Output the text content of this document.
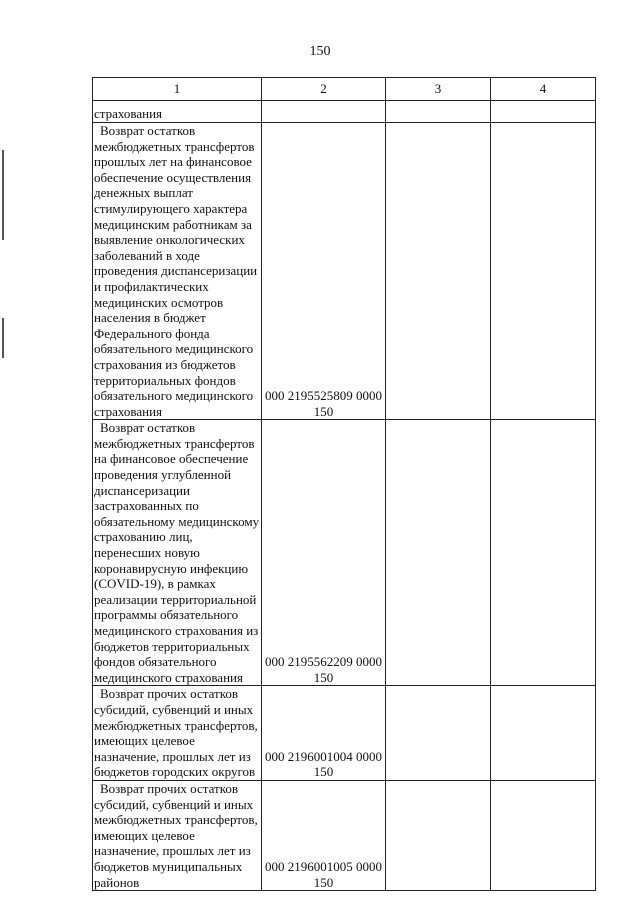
150
1	2	3	4
страхования			
Возврат остатков межбюджетных трансфертов прошлых лет на финансовое обеспечение осуществления денежных выплат стимулирующего характера медицинским работникам за выявление онкологических заболеваний в ходе проведения диспансеризации и профилактических медицинских осмотров населения в бюджет Федерального фонда обязательного медицинского страхования из бюджетов территориальных фондов обязательного медицинского страхования	000 2195525809 0000 150		
Возврат остатков межбюджетных трансфертов на финансовое обеспечение проведения углубленной диспансеризации застрахованных по обязательному медицинскому страхованию лиц, перенесших новую коронавирусную инфекцию (COVID-19), в рамках реализации территориальной программы обязательного медицинского страхования из бюджетов территориальных фондов обязательного медицинского страхования	000 2195562209 0000 150		
Возврат прочих остатков субсидий, субвенций и иных межбюджетных трансфертов, имеющих целевое назначение, прошлых лет из бюджетов городских округов	000 2196001004 0000 150		
Возврат прочих остатков субсидий, субвенций и иных межбюджетных трансфертов, имеющих целевое назначение, прошлых лет из бюджетов муниципальных районов	000 2196001005 0000 150		
